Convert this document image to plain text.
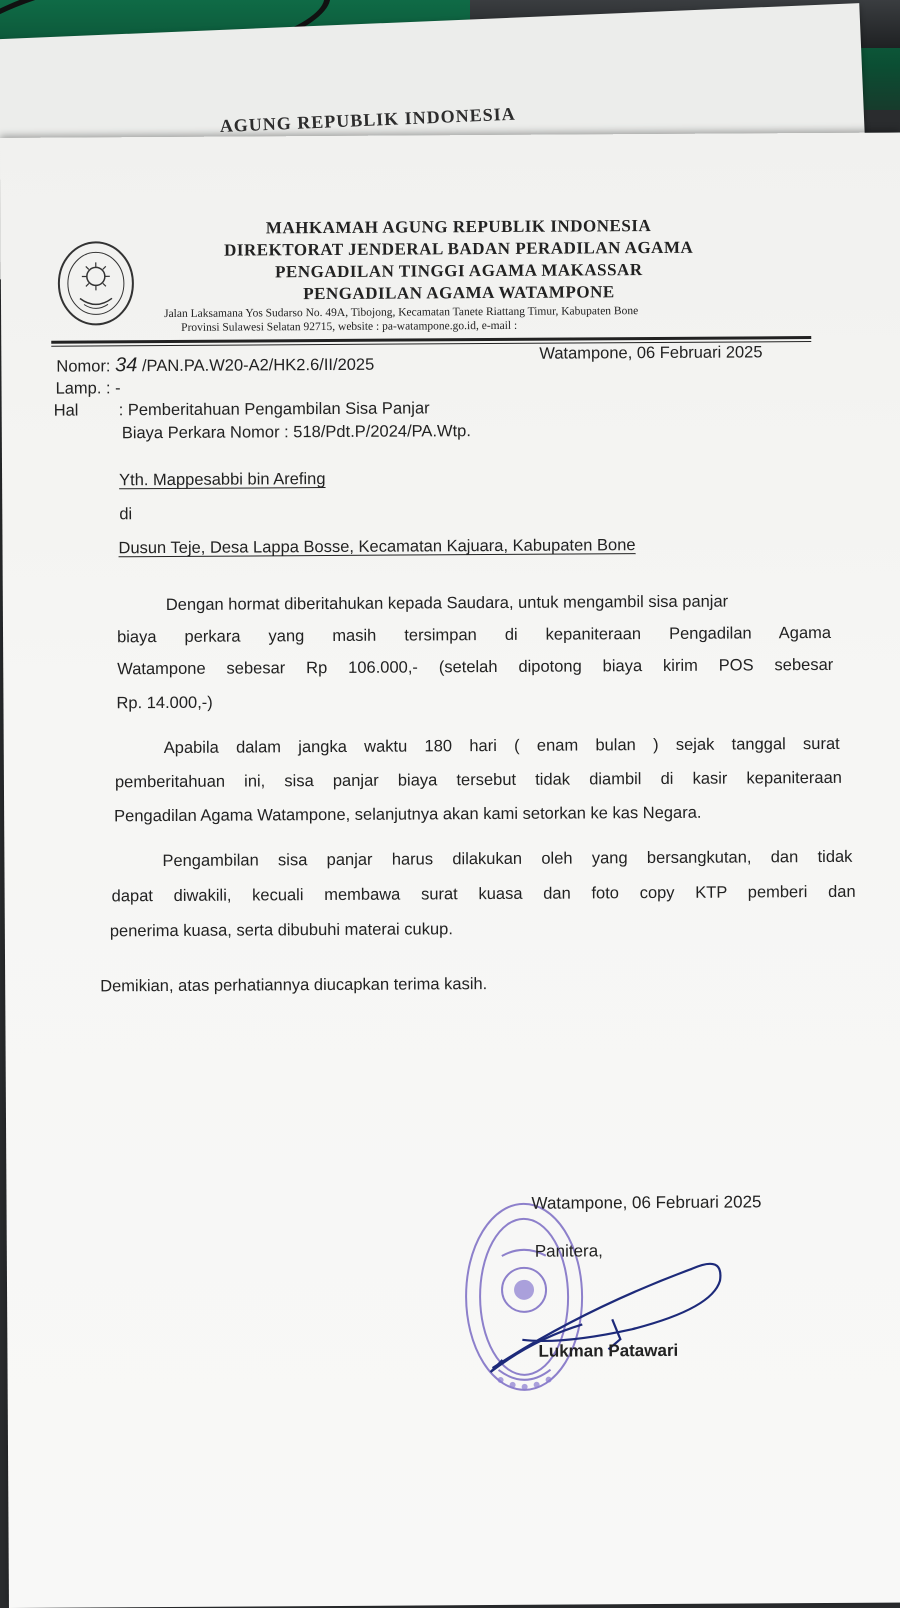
AGUNG REPUBLIK INDONESIA
MAHKAMAH AGUNG REPUBLIK INDONESIA
DIREKTORAT JENDERAL BADAN PERADILAN AGAMA
PENGADILAN TINGGI AGAMA MAKASSAR
PENGADILAN AGAMA WATAMPONE
Jalan Laksamana Yos Sudarso No. 49A, Tibojong, Kecamatan Tanete Riattang Timur, Kabupaten Bone
Provinsi Sulawesi Selatan 92715, website : pa-watampone.go.id, e-mail :
Nomor: 34 /PAN.PA.W20-A2/HK2.6/II/2025
Watampone, 06 Februari 2025
Lamp. : -
Hal : Pemberitahuan Pengambilan Sisa Panjar
Biaya Perkara Nomor : 518/Pdt.P/2024/PA.Wtp.
Yth. Mappesabbi bin Arefing
di
Dusun Teje, Desa Lappa Bosse, Kecamatan Kajuara, Kabupaten Bone
Dengan hormat diberitahukan kepada Saudara, untuk mengambil sisa panjar
biaya perkara yang masih tersimpan di kepaniteraan Pengadilan Agama
Watampone sebesar Rp 106.000,- (setelah dipotong biaya kirim POS sebesar
Rp. 14.000,-)
Apabila dalam jangka waktu 180 hari ( enam bulan ) sejak tanggal surat
pemberitahuan ini, sisa panjar biaya tersebut tidak diambil di kasir kepaniteraan
Pengadilan Agama Watampone, selanjutnya akan kami setorkan ke kas Negara.
Pengambilan sisa panjar harus dilakukan oleh yang bersangkutan, dan tidak
dapat diwakili, kecuali membawa surat kuasa dan foto copy KTP pemberi dan
penerima kuasa, serta dibubuhi materai cukup.
Demikian, atas perhatiannya diucapkan terima kasih.
Watampone, 06 Februari 2025
Panitera,
Lukman Patawari
